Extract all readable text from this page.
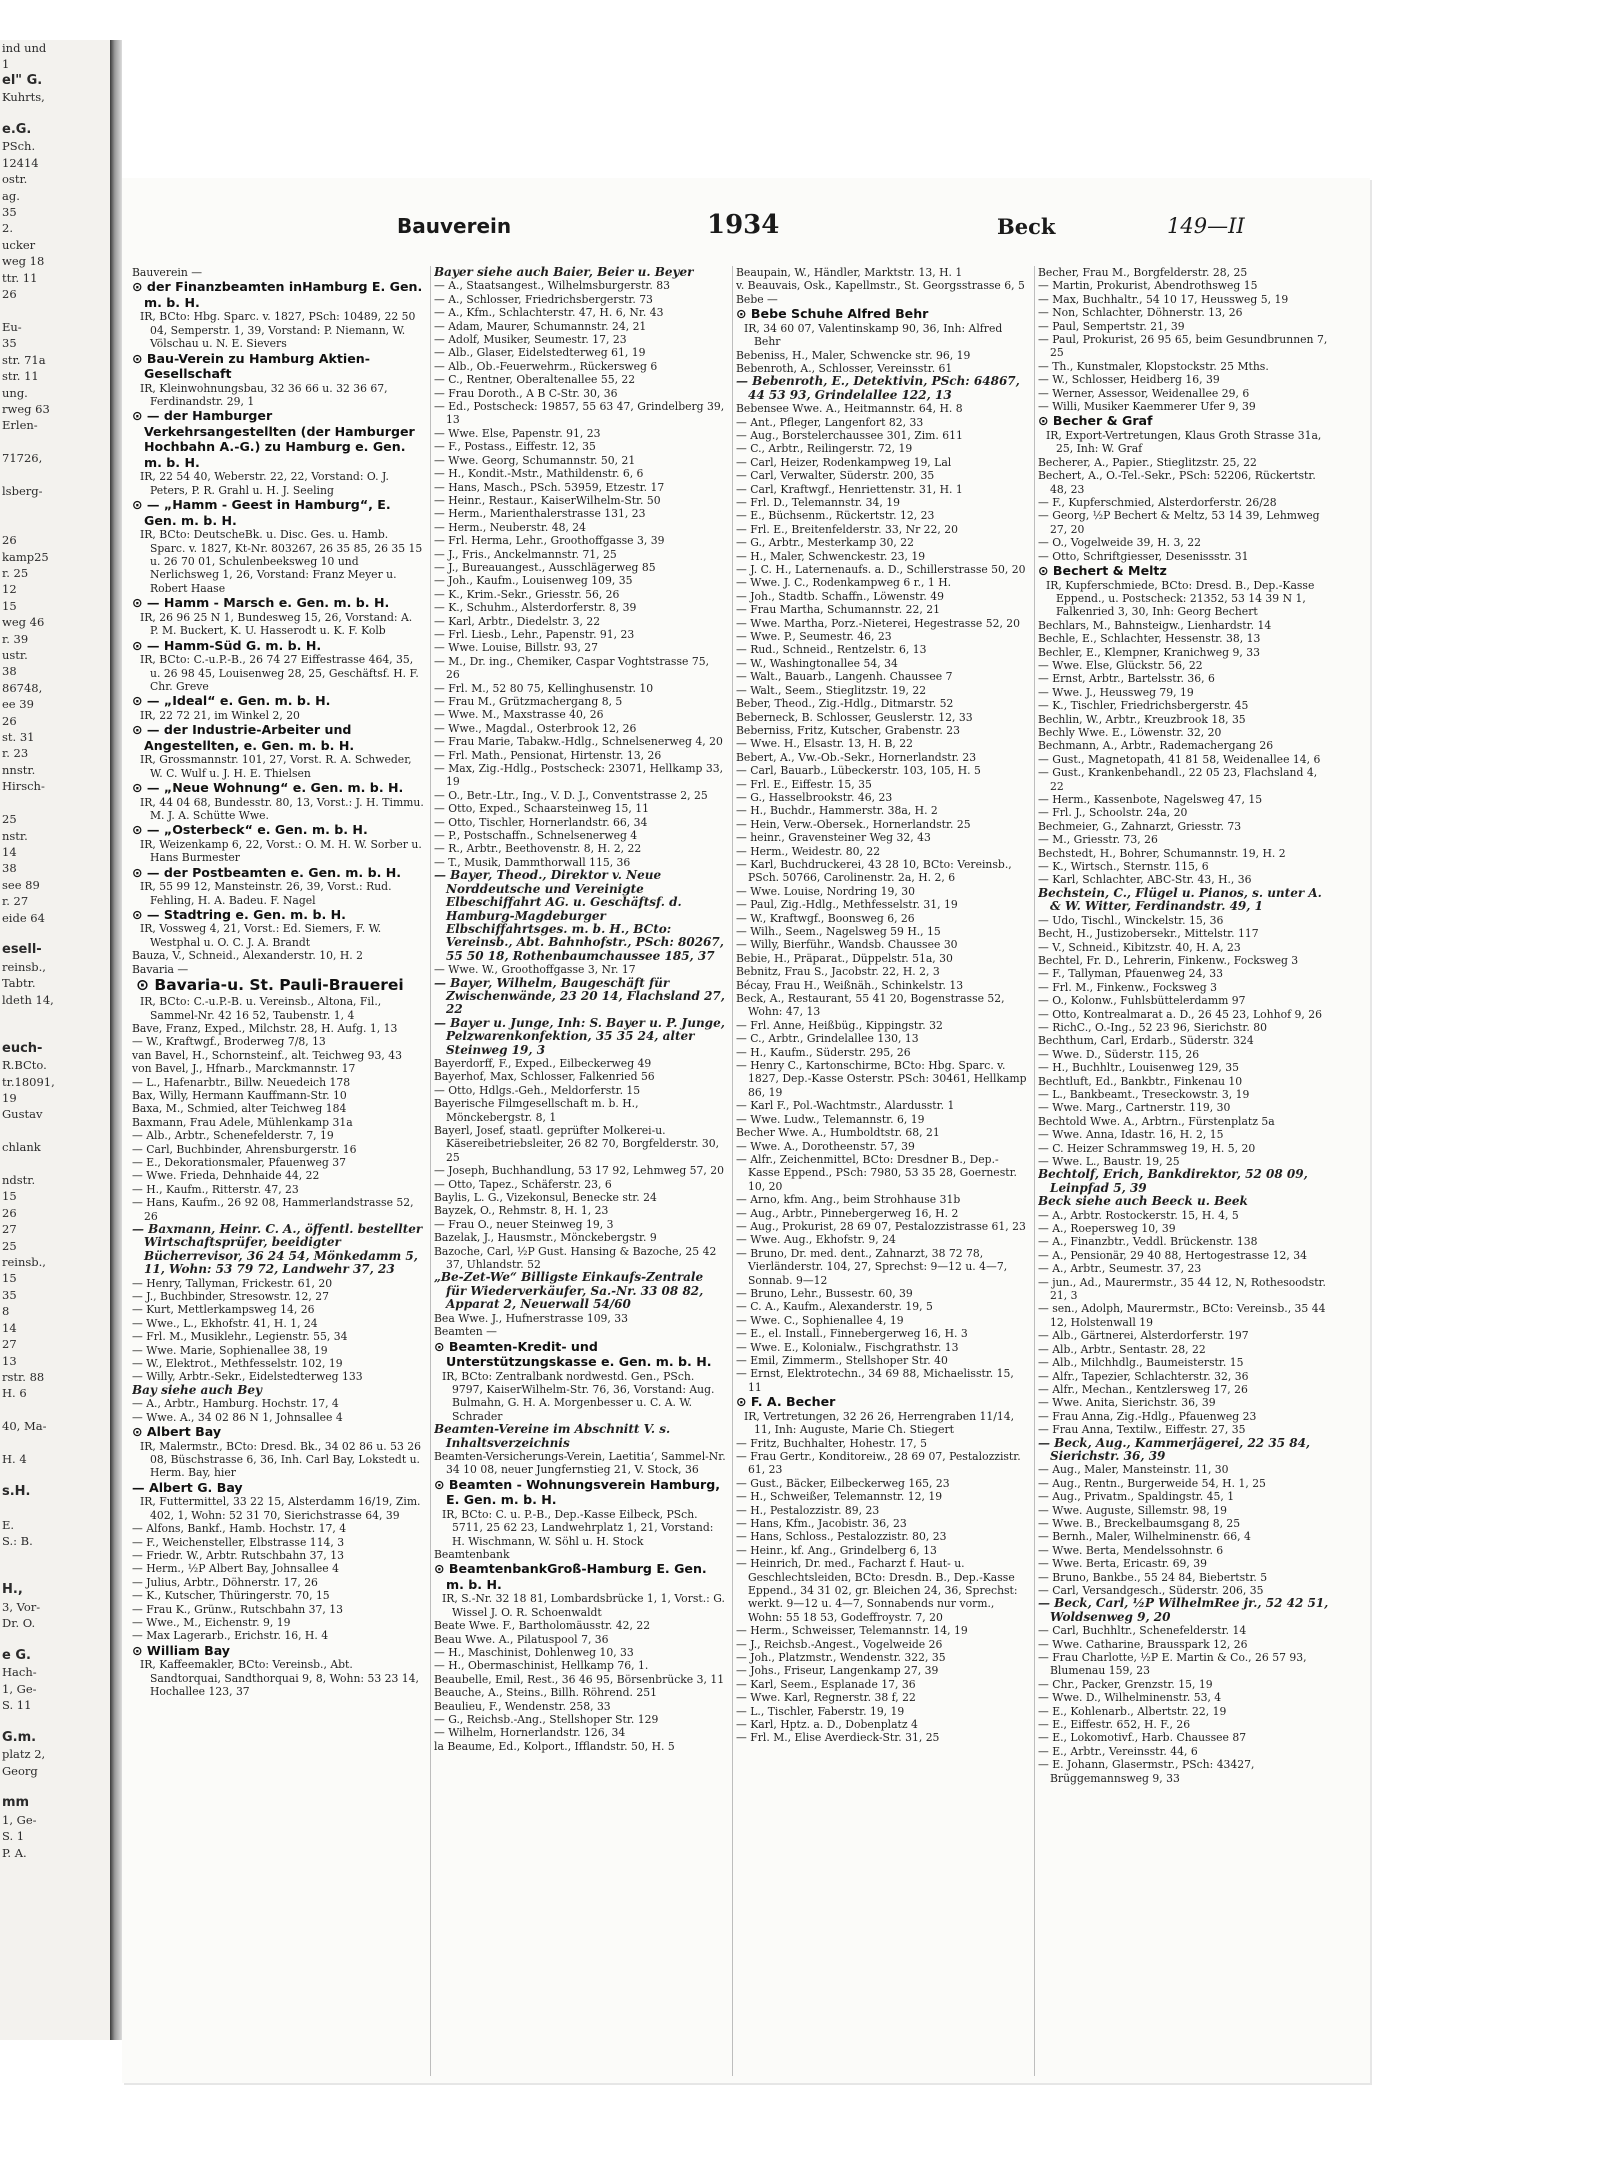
ind und
1
el" G.
Kuhrts,

e.G.
PSch.
12414
ostr.
ag.
35
2.
ucker
weg 18
ttr. 11
26

Eu-
35
str. 71a
str. 11
ung.
rweg 63
Erlen-

71726,

lsberg-

26
kamp25
r. 25
12
15
weg 46
r. 39
ustr.
38
86748,
ee 39
26
st. 31
r. 23
nnstr.
Hirsch-

25
nstr.
14
38
see 89
r. 27
eide 64

esell-
reinsb.,
Tabtr.
ldeth 14,

euch-
R.BCto.
tr.18091,
19
Gustav

chlank

ndstr.
15
26
27
25
reinsb.,
15
35
8
14
27
13
rstr. 88
H. 6

40, Ma-

H. 4

s.H.

E.
S.: B.

H.,
3, Vor-
Dr. O.

e G.
Hach-
1, Ge-
S. 11

G.m.
platz 2,
Georg

mm
1, Ge-
S. 1
P. A.
Bauverein	1934	Beck	149—II

Bauverein —

⊙ der Finanzbeamten inHamburg E. Gen. m. b. H.

IR, BCto: Hbg. Sparc. v. 1827, PSch: 10489, 22 50 04, Semperstr. 1, 39, Vorstand: P. Niemann, W. Völschau u. N. E. Sievers

⊙ Bau-Verein zu Hamburg Aktien-Gesellschaft

IR, Kleinwohnungsbau, 32 36 66 u. 32 36 67, Ferdinandstr. 29, 1

⊙ — der Hamburger Verkehrsangestellten (der Hamburger Hochbahn A.-G.) zu Hamburg e. Gen. m. b. H.

IR, 22 54 40, Weberstr. 22, 22, Vorstand: O. J. Peters, P. R. Grahl u. H. J. Seeling

⊙ — „Hamm - Geest in Hamburg“, E. Gen. m. b. H.

IR, BCto: DeutscheBk. u. Disc. Ges. u. Hamb. Sparc. v. 1827, Kt-Nr. 803267, 26 35 85, 26 35 15 u. 26 70 01, Schulenbeeksweg 10 und Nerlichsweg 1, 26, Vorstand: Franz Meyer u. Robert Haase

⊙ — Hamm - Marsch e. Gen. m. b. H.

IR, 26 96 25 N 1, Bundesweg 15, 26, Vorstand: A. P. M. Buckert, K. U. Hasserodt u. K. F. Kolb

⊙ — Hamm-Süd G. m. b. H.

IR, BCto: C.-u.P.-B., 26 74 27 Eiffestrasse 464, 35, u. 26 98 45, Louisenweg 28, 25, Geschäftsf. H. F. Chr. Greve

⊙ — „Ideal“ e. Gen. m. b. H.

IR, 22 72 21, im Winkel 2, 20

⊙ — der Industrie-Arbeiter und Angestellten, e. Gen. m. b. H.

IR, Grossmannstr. 101, 27, Vorst. R. A. Schweder, W. C. Wulf u. J. H. E. Thielsen

⊙ — „Neue Wohnung“ e. Gen. m. b. H.

IR, 44 04 68, Bundesstr. 80, 13, Vorst.: J. H. Timmu. M. J. A. Schütte Wwe.

⊙ — „Osterbeck“ e. Gen. m. b. H.

IR, Weizenkamp 6, 22, Vorst.: O. M. H. W. Sorber u. Hans Burmester

⊙ — der Postbeamten e. Gen. m. b. H.

IR, 55 99 12, Mansteinstr. 26, 39, Vorst.: Rud. Fehling, H. A. Badeu. F. Nagel

⊙ — Stadtring e. Gen. m. b. H.

IR, Vossweg 4, 21, Vorst.: Ed. Siemers, F. W. Westphal u. O. C. J. A. Brandt

Bauza, V., Schneid., Alexanderstr. 10, H. 2

Bavaria —

⊙ Bavaria-u. St. Pauli-Brauerei

IR, BCto: C.-u.P.-B. u. Vereinsb., Altona, Fil., Sammel-Nr. 42 16 52, Taubenstr. 1, 4

Bave, Franz, Exped., Milchstr. 28, H. Aufg. 1, 13

— W., Kraftwgf., Broderweg 7/8, 13

van Bavel, H., Schornsteinf., alt. Teichweg 93, 43

von Bavel, J., Hfnarb., Marckmannstr. 17

— L., Hafenarbtr., Billw. Neuedeich 178

Bax, Willy, Hermann Kauffmann-Str. 10

Baxa, M., Schmied, alter Teichweg 184

Baxmann, Frau Adele, Mühlenkamp 31a

— Alb., Arbtr., Schenefelderstr. 7, 19

— Carl, Buchbinder, Ahrensburgerstr. 16

— E., Dekorationsmaler, Pfauenweg 37

— Wwe. Frieda, Dehnhaide 44, 22

— H., Kaufm., Ritterstr. 47, 23

— Hans, Kaufm., 26 92 08, Hammerlandstrasse 52, 26

— Baxmann, Heinr. C. A., öffentl. bestellter Wirtschaftsprüfer, beeidigter Bücherrevisor, 36 24 54, Mönkedamm 5, 11, Wohn: 53 79 72, Landwehr 37, 23

— Henry, Tallyman, Frickestr. 61, 20

— J., Buchbinder, Stresowstr. 12, 27

— Kurt, Mettlerkampsweg 14, 26

— Wwe., L., Ekhofstr. 41, H. 1, 24

— Frl. M., Musiklehr., Legienstr. 55, 34

— Wwe. Marie, Sophienallee 38, 19

— W., Elektrot., Methfesselstr. 102, 19

— Willy, Arbtr.-Sekr., Eidelstedterweg 133

Bay siehe auch Bey

— A., Arbtr., Hamburg. Hochstr. 17, 4

— Wwe. A., 34 02 86 N 1, Johnsallee 4

⊙ Albert Bay

IR, Malermstr., BCto: Dresd. Bk., 34 02 86 u. 53 26 08, Büschstrasse 6, 36, Inh. Carl Bay, Lokstedt u. Herm. Bay, hier

— Albert G. Bay

IR, Futtermittel, 33 22 15, Alsterdamm 16/19, Zim. 402, 1, Wohn: 52 31 70, Sierichstrasse 64, 39

— Alfons, Bankf., Hamb. Hochstr. 17, 4

— F., Weichensteller, Elbstrasse 114, 3

— Friedr. W., Arbtr. Rutschbahn 37, 13

— Herm., ½P Albert Bay, Johnsallee 4

— Julius, Arbtr., Döhnerstr. 17, 26

— K., Kutscher, Thüringerstr. 70, 15

— Frau K., Grünw., Rutschbahn 37, 13

— Wwe., M., Eichenstr. 9, 19

— Max Lagerarb., Erichstr. 16, H. 4

⊙ William Bay

IR, Kaffeemakler, BCto: Vereinsb., Abt. Sandtorquai, Sandthorquai 9, 8, Wohn: 53 23 14, Hochallee 123, 37

Bayer siehe auch Baier, Beier u. Beyer

— A., Staatsangest., Wilhelmsburgerstr. 83

— A., Schlosser, Friedrichsbergerstr. 73

— A., Kfm., Schlachterstr. 47, H. 6, Nr. 43

— Adam, Maurer, Schumannstr. 24, 21

— Adolf, Musiker, Seumestr. 17, 23

— Alb., Glaser, Eidelstedterweg 61, 19

— Alb., Ob.-Feuerwehrm., Rückersweg 6

— C., Rentner, Oberaltenallee 55, 22

— Frau Doroth., A B C-Str. 30, 36

— Ed., Postscheck: 19857, 55 63 47, Grindelberg 39, 13

— Wwe. Else, Papenstr. 91, 23

— F., Postass., Eiffestr. 12, 35

— Wwe. Georg, Schumannstr. 50, 21

— H., Kondit.-Mstr., Mathildenstr. 6, 6

— Hans, Masch., PSch. 53959, Etzestr. 17

— Heinr., Restaur., KaiserWilhelm-Str. 50

— Herm., Marienthalerstrasse 131, 23

— Herm., Neuberstr. 48, 24

— Frl. Herma, Lehr., Groothoffgasse 3, 39

— J., Fris., Anckelmannstr. 71, 25

— J., Bureauangest., Ausschlägerweg 85

— Joh., Kaufm., Louisenweg 109, 35

— K., Krim.-Sekr., Griesstr. 56, 26

— K., Schuhm., Alsterdorferstr. 8, 39

— Karl, Arbtr., Diedelstr. 3, 22

— Frl. Liesb., Lehr., Papenstr. 91, 23

— Wwe. Louise, Billstr. 93, 27

— M., Dr. ing., Chemiker, Caspar Voghtstrasse 75, 26

— Frl. M., 52 80 75, Kellinghusenstr. 10

— Frau M., Grützmachergang 8, 5

— Wwe. M., Maxstrasse 40, 26

— Wwe., Magdal., Osterbrook 12, 26

— Frau Marie, Tabakw.-Hdlg., Schnelsenerweg 4, 20

— Frl. Math., Pensionat, Hirtenstr. 13, 26

— Max, Zig.-Hdlg., Postscheck: 23071, Hellkamp 33, 19

— O., Betr.-Ltr., Ing., V. D. J., Conventstrasse 2, 25

— Otto, Exped., Schaarsteinweg 15, 11

— Otto, Tischler, Hornerlandstr. 66, 34

— P., Postschaffn., Schnelsenerweg 4

— R., Arbtr., Beethovenstr. 8, H. 2, 22

— T., Musik, Dammthorwall 115, 36

— Bayer, Theod., Direktor v. Neue Norddeutsche und Vereinigte Elbeschiffahrt AG. u. Geschäftsf. d. Hamburg-Magdeburger Elbschiffahrtsges. m. b. H., BCto: Vereinsb., Abt. Bahnhofstr., PSch: 80267, 55 50 18, Rothenbaumchaussee 185, 37

— Wwe. W., Groothoffgasse 3, Nr. 17

— Bayer, Wilhelm, Baugeschäft für Zwischenwände, 23 20 14, Flachsland 27, 22

— Bayer u. Junge, Inh: S. Bayer u. P. Junge, Pelzwarenkonfektion, 35 35 24, alter Steinweg 19, 3

Bayerdorff, F., Exped., Eilbeckerweg 49

Bayerhof, Max, Schlosser, Falkenried 56

— Otto, Hdlgs.-Geh., Meldorferstr. 15

Bayerische Filmgesellschaft m. b. H., Mönckebergstr. 8, 1

Bayerl, Josef, staatl. geprüfter Molkerei-u. Käsereibetriebsleiter, 26 82 70, Borgfelderstr. 30, 25

— Joseph, Buchhandlung, 53 17 92, Lehmweg 57, 20

— Otto, Tapez., Schäferstr. 23, 6

Baylis, L. G., Vizekonsul, Benecke str. 24

Bayzek, O., Rehmstr. 8, H. 1, 23

— Frau O., neuer Steinweg 19, 3

Bazelak, J., Hausmstr., Mönckebergstr. 9

Bazoche, Carl, ½P Gust. Hansing & Bazoche, 25 42 37, Uhlandstr. 52

„Be-Zet-We“ Billigste Einkaufs-Zentrale für Wiederverkäufer, Sa.-Nr. 33 08 82, Apparat 2, Neuerwall 54/60

Bea Wwe. J., Hufnerstrasse 109, 33

Beamten —

⊙ Beamten-Kredit- und Unterstützungskasse e. Gen. m. b. H.

IR, BCto: Zentralbank nordwestd. Gen., PSch. 9797, KaiserWilhelm-Str. 76, 36, Vorstand: Aug. Bulmahn, G. H. A. Morgenbesser u. C. A. W. Schrader

Beamten-Vereine im Abschnitt V. s. Inhaltsverzeichnis

Beamten-Versicherungs-Verein, Laetitia‘, Sammel-Nr. 34 10 08, neuer Jungfernstieg 21, V. Stock, 36

⊙ Beamten - Wohnungsverein Hamburg, E. Gen. m. b. H.

IR, BCto: C. u. P.-B., Dep.-Kasse Eilbeck, PSch. 5711, 25 62 23, Landwehrplatz 1, 21, Vorstand: H. Wischmann, W. Söhl u. H. Stock

Beamtenbank

⊙ BeamtenbankGroß-Hamburg E. Gen. m. b. H.

IR, S.-Nr. 32 18 81, Lombardsbrücke 1, 1, Vorst.: G. Wissel J. O. R. Schoenwaldt

Beate Wwe. F., Bartholomäusstr. 42, 22

Beau Wwe. A., Pilatuspool 7, 36

— H., Maschinist, Dohlenweg 10, 33

— H., Obermaschinist, Hellkamp 76, 1.

Beaubelle, Emil, Rest., 36 46 95, Börsenbrücke 3, 11

Beauche, A., Steins., Billh. Röhrend. 251

Beaulieu, F., Wendenstr. 258, 33

— G., Reichsb.-Ang., Stellshoper Str. 129

— Wilhelm, Hornerlandstr. 126, 34

la Beaume, Ed., Kolport., Ifflandstr. 50, H. 5

Beaupain, W., Händler, Marktstr. 13, H. 1

v. Beauvais, Osk., Kapellmstr., St. Georgsstrasse 6, 5

Bebe —

⊙ Bebe Schuhe Alfred Behr

IR, 34 60 07, Valentinskamp 90, 36, Inh: Alfred Behr

Bebeniss, H., Maler, Schwencke str. 96, 19

Bebenroth, A., Schlosser, Vereinsstr. 61

— Bebenroth, E., Detektivin, PSch: 64867, 44 53 93, Grindelallee 122, 13

Bebensee Wwe. A., Heitmannstr. 64, H. 8

— Ant., Pfleger, Langenfort 82, 33

— Aug., Borstelerchaussee 301, Zim. 611

— C., Arbtr., Reilingerstr. 72, 19

— Carl, Heizer, Rodenkampweg 19, Lal

— Carl, Verwalter, Süderstr. 200, 35

— Carl, Kraftwgf., Henriettenstr. 31, H. 1

— Frl. D., Telemannstr. 34, 19

— E., Büchsenm., Rückertstr. 12, 23

— Frl. E., Breitenfelderstr. 33, Nr 22, 20

— G., Arbtr., Mesterkamp 30, 22

— H., Maler, Schwenckestr. 23, 19

— J. C. H., Laternenaufs. a. D., Schillerstrasse 50, 20

— Wwe. J. C., Rodenkampweg 6 r., 1 H.

— Joh., Stadtb. Schaffn., Löwenstr. 49

— Frau Martha, Schumannstr. 22, 21

— Wwe. Martha, Porz.-Nieterei, Hegestrasse 52, 20

— Wwe. P., Seumestr. 46, 23

— Rud., Schneid., Rentzelstr. 6, 13

— W., Washingtonallee 54, 34

— Walt., Bauarb., Langenh. Chaussee 7

— Walt., Seem., Stieglitzstr. 19, 22

Beber, Theod., Zig.-Hdlg., Ditmarstr. 52

Beberneck, B. Schlosser, Geuslerstr. 12, 33

Beberniss, Fritz, Kutscher, Grabenstr. 23

— Wwe. H., Elsastr. 13, H. B, 22

Bebert, A., Vw.-Ob.-Sekr., Hornerlandstr. 23

— Carl, Bauarb., Lübeckerstr. 103, 105, H. 5

— Frl. E., Eiffestr. 15, 35

— G., Hasselbrookstr. 46, 23

— H., Buchdr., Hammerstr. 38a, H. 2

— Hein, Verw.-Obersek., Hornerlandstr. 25

— heinr., Gravensteiner Weg 32, 43

— Herm., Weidestr. 80, 22

— Karl, Buchdruckerei, 43 28 10, BCto: Vereinsb., PSch. 50766, Carolinenstr. 2a, H. 2, 6

— Wwe. Louise, Nordring 19, 30

— Paul, Zig.-Hdlg., Methfesselstr. 31, 19

— W., Kraftwgf., Boonsweg 6, 26

— Wilh., Seem., Nagelsweg 59 H., 15

— Willy, Bierführ., Wandsb. Chaussee 30

Bebie, H., Präparat., Düppelstr. 51a, 30

Bebnitz, Frau S., Jacobstr. 22, H. 2, 3

Bécay, Frau H., Weißnäh., Schinkelstr. 13

Beck, A., Restaurant, 55 41 20, Bogenstrasse 52, Wohn: 47, 13

— Frl. Anne, Heißbüg., Kippingstr. 32

— C., Arbtr., Grindelallee 130, 13

— H., Kaufm., Süderstr. 295, 26

— Henry C., Kartonschirme, BCto: Hbg. Sparc. v. 1827, Dep.-Kasse Osterstr. PSch: 30461, Hellkamp 86, 19

— Karl F., Pol.-Wachtmstr., Alardusstr. 1

— Wwe. Ludw., Telemannstr. 6, 19

Becher Wwe. A., Humboldtstr. 68, 21

— Wwe. A., Dorotheenstr. 57, 39

— Alfr., Zeichenmittel, BCto: Dresdner B., Dep.-Kasse Eppend., PSch: 7980, 53 35 28, Goernestr. 10, 20

— Arno, kfm. Ang., beim Strohhause 31b

— Aug., Arbtr., Pinnebergerweg 16, H. 2

— Aug., Prokurist, 28 69 07, Pestalozzistrasse 61, 23

— Wwe. Aug., Ekhofstr. 9, 24

— Bruno, Dr. med. dent., Zahnarzt, 38 72 78, Vierländerstr. 104, 27, Sprechst: 9—12 u. 4—7, Sonnab. 9—12

— Bruno, Lehr., Bussestr. 60, 39

— C. A., Kaufm., Alexanderstr. 19, 5

— Wwe. C., Sophienallee 4, 19

— E., el. Install., Finnebergerweg 16, H. 3

— Wwe. E., Kolonialw., Fischgrathstr. 13

— Emil, Zimmerm., Stellshoper Str. 40

— Ernst, Elektrotechn., 34 69 88, Michaelisstr. 15, 11

⊙ F. A. Becher

IR, Vertretungen, 32 26 26, Herrengraben 11/14, 11, Inh: Auguste, Marie Ch. Stiegert

— Fritz, Buchhalter, Hohestr. 17, 5

— Frau Gertr., Konditoreiw., 28 69 07, Pestalozzistr. 61, 23

— Gust., Bäcker, Eilbeckerweg 165, 23

— H., Schweißer, Telemannstr. 12, 19

— H., Pestalozzistr. 89, 23

— Hans, Kfm., Jacobistr. 36, 23

— Hans, Schloss., Pestalozzistr. 80, 23

— Heinr., kf. Ang., Grindelberg 6, 13

— Heinrich, Dr. med., Facharzt f. Haut- u. Geschlechtsleiden, BCto: Dresdn. B., Dep.-Kasse Eppend., 34 31 02, gr. Bleichen 24, 36, Sprechst: werkt. 9—12 u. 4—7, Sonnabends nur vorm., Wohn: 55 18 53, Godeffroystr. 7, 20

— Herm., Schweisser, Telemannstr. 14, 19

— J., Reichsb.-Angest., Vogelweide 26

— Joh., Platzmstr., Wendenstr. 322, 35

— Johs., Friseur, Langenkamp 27, 39

— Karl, Seem., Esplanade 17, 36

— Wwe. Karl, Regnerstr. 38 f, 22

— L., Tischler, Faberstr. 19, 19

— Karl, Hptz. a. D., Dobenplatz 4

— Frl. M., Elise Averdieck-Str. 31, 25

Becher, Frau M., Borgfelderstr. 28, 25

— Martin, Prokurist, Abendrothsweg 15

— Max, Buchhaltr., 54 10 17, Heussweg 5, 19

— Non, Schlachter, Döhnerstr. 13, 26

— Paul, Sempertstr. 21, 39

— Paul, Prokurist, 26 95 65, beim Gesundbrunnen 7, 25

— Th., Kunstmaler, Klopstockstr. 25 Mths.

— W., Schlosser, Heidberg 16, 39

— Werner, Assessor, Weidenallee 29, 6

— Willi, Musiker Kaemmerer Ufer 9, 39

⊙ Becher & Graf

IR, Export-Vertretungen, Klaus Groth Strasse 31a, 25, Inh: W. Graf

Becherer, A., Papier., Stieglitzstr. 25, 22

Bechert, A., O.-Tel.-Sekr., PSch: 52206, Rückertstr. 48, 23

— F., Kupferschmied, Alsterdorferstr. 26/28

— Georg, ½P Bechert & Meltz, 53 14 39, Lehmweg 27, 20

— O., Vogelweide 39, H. 3, 22

— Otto, Schriftgiesser, Desenissstr. 31

⊙ Bechert & Meltz

IR, Kupferschmiede, BCto: Dresd. B., Dep.-Kasse Eppend., u. Postscheck: 21352, 53 14 39 N 1, Falkenried 3, 30, Inh: Georg Bechert

Bechlars, M., Bahnsteigw., Lienhardstr. 14

Bechle, E., Schlachter, Hessenstr. 38, 13

Bechler, E., Klempner, Kranichweg 9, 33

— Wwe. Else, Glückstr. 56, 22

— Ernst, Arbtr., Bartelsstr. 36, 6

— Wwe. J., Heussweg 79, 19

— K., Tischler, Friedrichsbergerstr. 45

Bechlin, W., Arbtr., Kreuzbrook 18, 35

Bechly Wwe. E., Löwenstr. 32, 20

Bechmann, A., Arbtr., Rademachergang 26

— Gust., Magnetopath, 41 81 58, Weidenallee 14, 6

— Gust., Krankenbehandl., 22 05 23, Flachsland 4, 22

— Herm., Kassenbote, Nagelsweg 47, 15

— Frl. J., Schoolstr. 24a, 20

Bechmeier, G., Zahnarzt, Griesstr. 73

— M., Griesstr. 73, 26

Bechstedt, H., Bohrer, Schumannstr. 19, H. 2

— K., Wirtsch., Sternstr. 115, 6

— Karl, Schlachter, ABC-Str. 43, H., 36

Bechstein, C., Flügel u. Pianos, s. unter A. & W. Witter, Ferdinandstr. 49, 1

— Udo, Tischl., Winckelstr. 15, 36

Becht, H., Justizobersekr., Mittelstr. 117

— V., Schneid., Kibitzstr. 40, H. A, 23

Bechtel, Fr. D., Lehrerin, Finkenw., Focksweg 3

— F., Tallyman, Pfauenweg 24, 33

— Frl. M., Finkenw., Focksweg 3

— O., Kolonw., Fuhlsbüttelerdamm 97

— Otto, Kontrealmarat a. D., 26 45 23, Lohhof 9, 26

— RichC., O.-Ing., 52 23 96, Sierichstr. 80

Bechthum, Carl, Erdarb., Süderstr. 324

— Wwe. D., Süderstr. 115, 26

— H., Buchhltr., Louisenweg 129, 35

Bechtluft, Ed., Bankbtr., Finkenau 10

— L., Bankbeamt., Treseckowstr. 3, 19

— Wwe. Marg., Cartnerstr. 119, 30

Bechtold Wwe. A., Arbtrn., Fürstenplatz 5a

— Wwe. Anna, Idastr. 16, H. 2, 15

— C. Heizer Schrammsweg 19, H. 5, 20

— Wwe. L., Baustr. 19, 25

Bechtolf, Erich, Bankdirektor, 52 08 09, Leinpfad 5, 39

Beck siehe auch Beeck u. Beek

— A., Arbtr. Rostockerstr. 15, H. 4, 5

— A., Roepersweg 10, 39

— A., Finanzbtr., Veddl. Brückenstr. 138

— A., Pensionär, 29 40 88, Hertogestrasse 12, 34

— A., Arbtr., Seumestr. 37, 23

— jun., Ad., Maurermstr., 35 44 12, N, Rothesoodstr. 21, 3

— sen., Adolph, Maurermstr., BCto: Vereinsb., 35 44 12, Holstenwall 19

— Alb., Gärtnerei, Alsterdorferstr. 197

— Alb., Arbtr., Sentastr. 28, 22

— Alb., Milchhdlg., Baumeisterstr. 15

— Alfr., Tapezier, Schlachterstr. 32, 36

— Alfr., Mechan., Kentzlersweg 17, 26

— Wwe. Anita, Sierichstr. 36, 39

— Frau Anna, Zig.-Hdlg., Pfauenweg 23

— Frau Anna, Textilw., Eiffestr. 27, 35

— Beck, Aug., Kammerjägerei, 22 35 84, Sierichstr. 36, 39

— Aug., Maler, Mansteinstr. 11, 30

— Aug., Rentn., Burgerweide 54, H. 1, 25

— Aug., Privatm., Spaldingstr. 45, 1

— Wwe. Auguste, Sillemstr. 98, 19

— Wwe. B., Breckelbaumsgang 8, 25

— Bernh., Maler, Wilhelminenstr. 66, 4

— Wwe. Berta, Mendelssohnstr. 6

— Wwe. Berta, Ericastr. 69, 39

— Bruno, Bankbe., 55 24 84, Biebertstr. 5

— Carl, Versandgesch., Süderstr. 206, 35

— Beck, Carl, ½P WilhelmRee jr., 52 42 51, Woldsenweg 9, 20

— Carl, Buchhltr., Schenefelderstr. 14

— Wwe. Catharine, Brausspark 12, 26

— Frau Charlotte, ½P E. Martin & Co., 26 57 93, Blumenau 159, 23

— Chr., Packer, Grenzstr. 15, 19

— Wwe. D., Wilhelminenstr. 53, 4

— E., Kohlenarb., Albertstr. 22, 19

— E., Eiffestr. 652, H. F., 26

— E., Lokomotivf., Harb. Chaussee 87

— E., Arbtr., Vereinsstr. 44, 6

— E. Johann, Glasermstr., PSch: 43427, Brüggemannsweg 9, 33
